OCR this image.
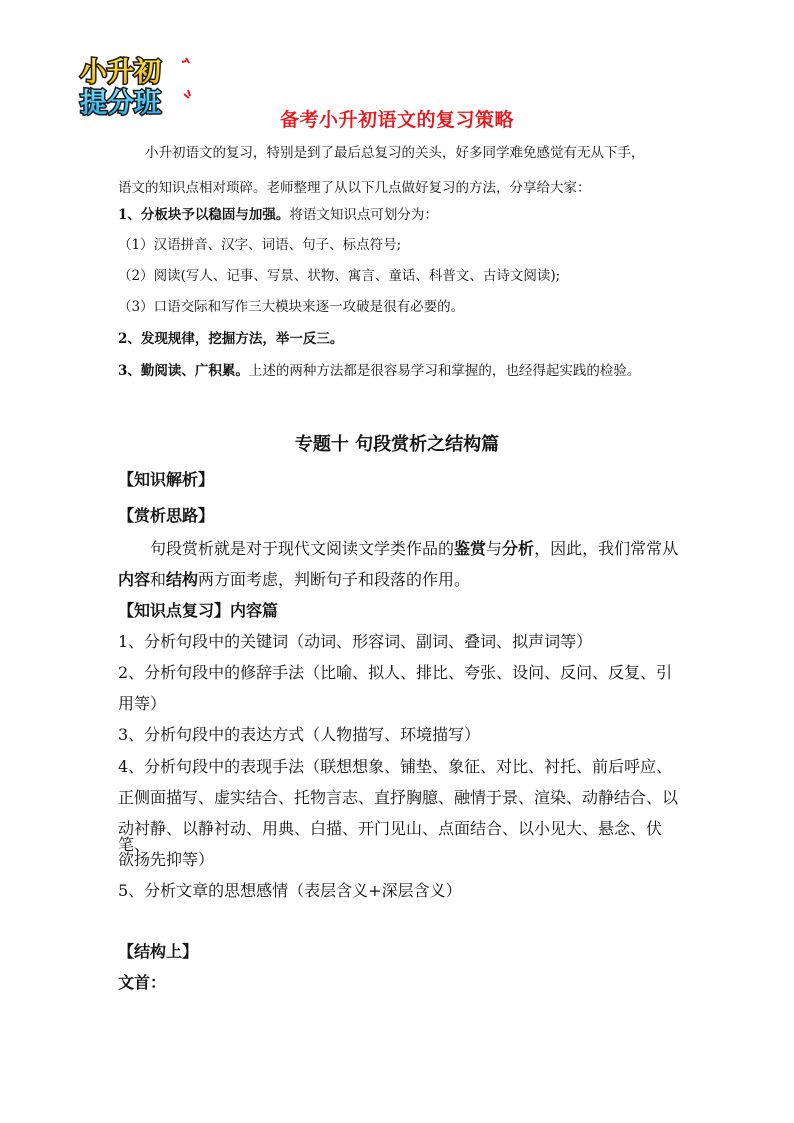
小升初
提分班
备考小升初语文的复习策略
小升初语文的复习，特别是到了最后总复习的关头，好多同学难免感觉有无从下手，
语文的知识点相对琐碎。老师整理了从以下几点做好复习的方法，分享给大家：
1、分板块予以稳固与加强。将语文知识点可划分为：
（1）汉语拼音、汉字、词语、句子、标点符号;
（2）阅读(写人、记事、写景、状物、寓言、童话、科普文、古诗文阅读);
（3）口语交际和写作三大模块来逐一攻破是很有必要的。
2、发现规律，挖掘方法，举一反三。
3、勤阅读、广积累。上述的两种方法都是很容易学习和掌握的，也经得起实践的检验。
专题十 句段赏析之结构篇
【知识解析】
【赏析思路】
句段赏析就是对于现代文阅读文学类作品的鉴赏与分析，因此，我们常常从
内容和结构两方面考虑，判断句子和段落的作用。
【知识点复习】内容篇
1、分析句段中的关键词（动词、形容词、副词、叠词、拟声词等）
2、分析句段中的修辞手法（比喻、拟人、排比、夸张、设问、反问、反复、引
用等）
3、分析句段中的表达方式（人物描写、环境描写）
4、分析句段中的表现手法（联想想象、铺垫、象征、对比、衬托、前后呼应、
正侧面描写、虚实结合、托物言志、直抒胸臆、融情于景、渲染、动静结合、以
动衬静、以静衬动、用典、白描、开门见山、点面结合、以小见大、悬念、伏笔、
欲扬先抑等）
5、分析文章的思想感情（表层含义+深层含义）
【结构上】
文首：
